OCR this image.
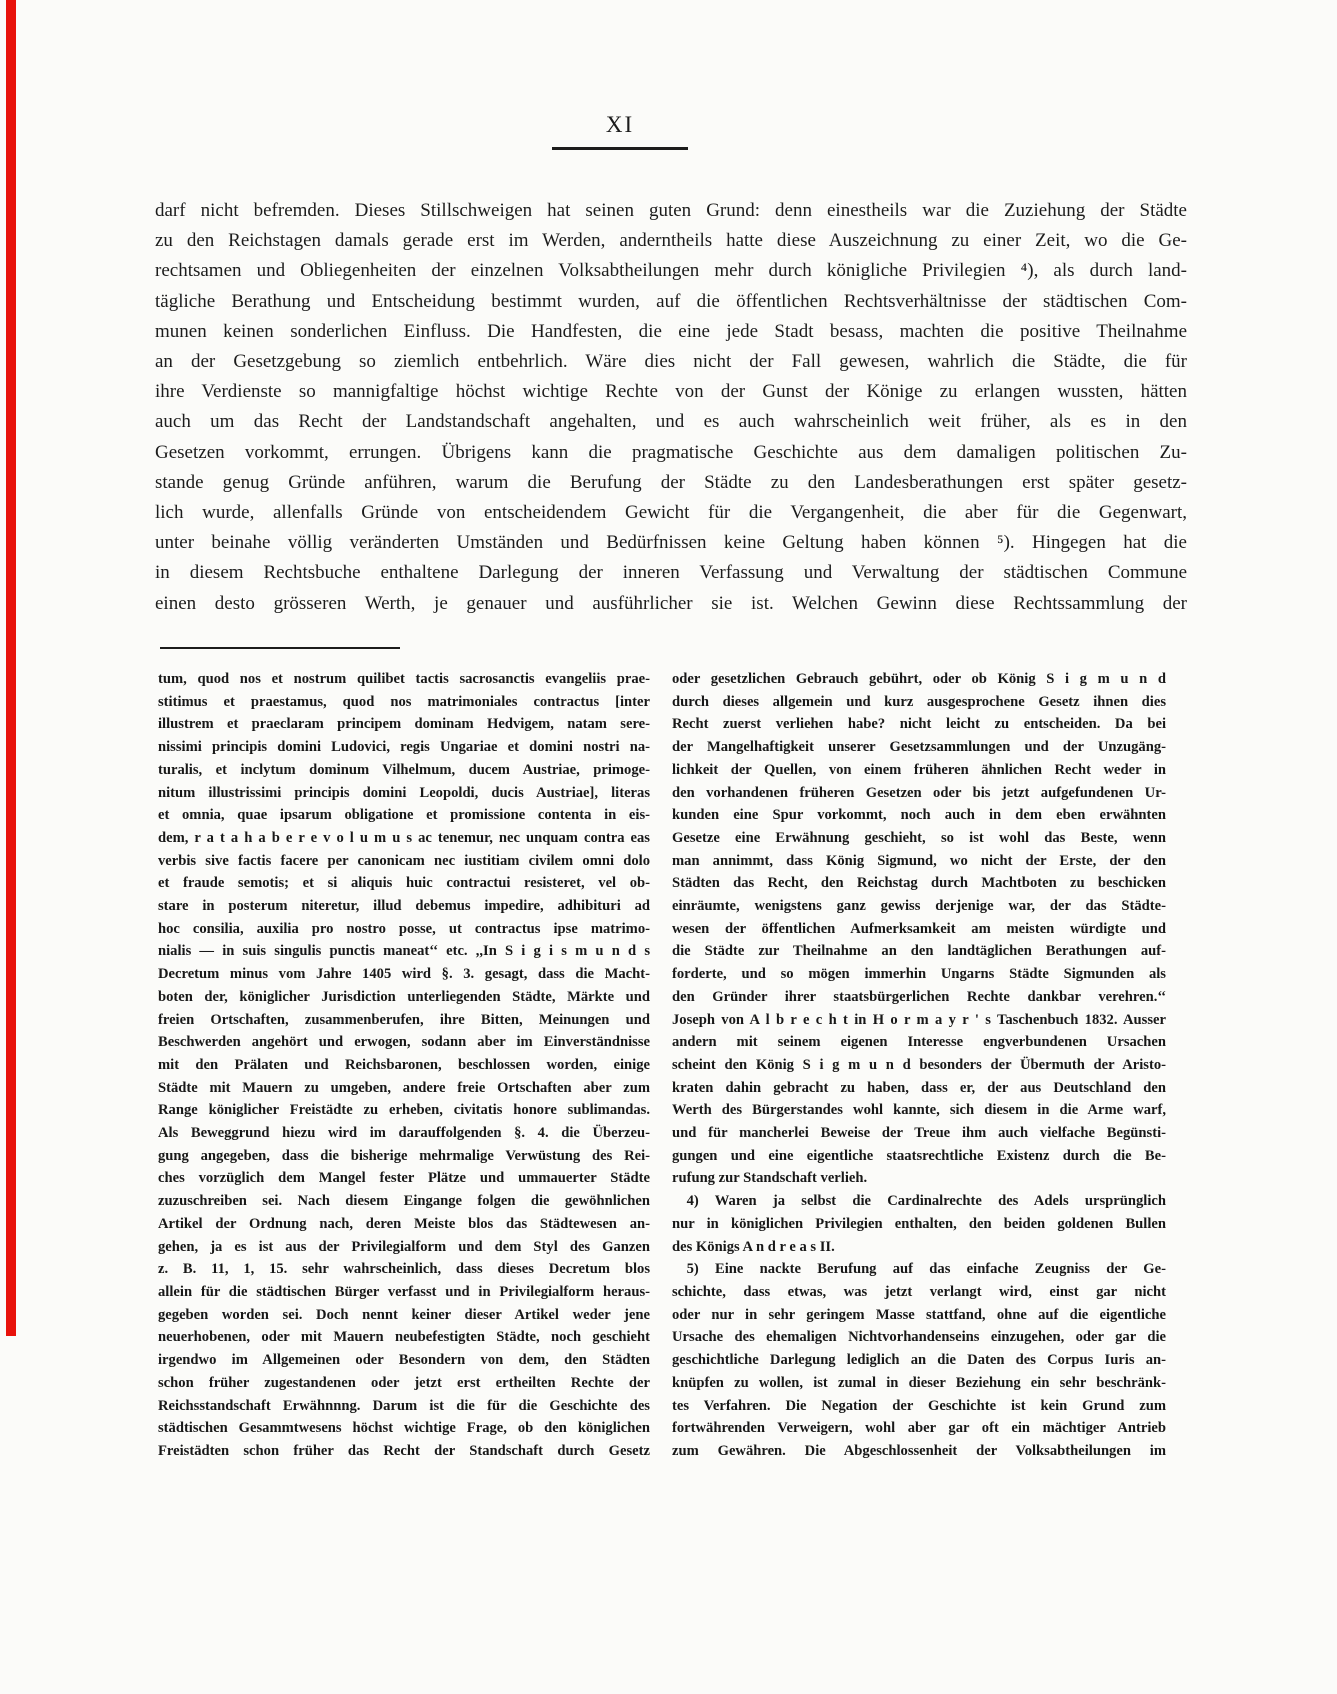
XI
darf nicht befremden. Dieses Stillschweigen hat seinen guten Grund: denn einestheils war die Zuziehung der Städte
zu den Reichstagen damals gerade erst im Werden, anderntheils hatte diese Auszeichnung zu einer Zeit, wo die Ge-
rechtsamen und Obliegenheiten der einzelnen Volksabtheilungen mehr durch königliche Privilegien ⁴), als durch land-
tägliche Berathung und Entscheidung bestimmt wurden, auf die öffentlichen Rechtsverhältnisse der städtischen Com-
munen keinen sonderlichen Einfluss. Die Handfesten, die eine jede Stadt besass, machten die positive Theilnahme
an der Gesetzgebung so ziemlich entbehrlich. Wäre dies nicht der Fall gewesen, wahrlich die Städte, die für
ihre Verdienste so mannigfaltige höchst wichtige Rechte von der Gunst der Könige zu erlangen wussten, hätten
auch um das Recht der Landstandschaft angehalten, und es auch wahrscheinlich weit früher, als es in den
Gesetzen vorkommt, errungen. Übrigens kann die pragmatische Geschichte aus dem damaligen politischen Zu-
stande genug Gründe anführen, warum die Berufung der Städte zu den Landesberathungen erst später gesetz-
lich wurde, allenfalls Gründe von entscheidendem Gewicht für die Vergangenheit, die aber für die Gegenwart,
unter beinahe völlig veränderten Umständen und Bedürfnissen keine Geltung haben können ⁵). Hingegen hat die
in diesem Rechtsbuche enthaltene Darlegung der inneren Verfassung und Verwaltung der städtischen Commune
einen desto grösseren Werth, je genauer und ausführlicher sie ist. Welchen Gewinn diese Rechtssammlung der
tum, quod nos et nostrum quilibet tactis sacrosanctis evangeliis prae-
stitimus et praestamus, quod nos matrimoniales contractus [inter
illustrem et praeclaram principem dominam Hedvigem, natam sere-
nissimi principis domini Ludovici, regis Ungariae et domini nostri na-
turalis, et inclytum dominum Vilhelmum, ducem Austriae, primoge-
nitum illustrissimi principis domini Leopoldi, ducis Austriae], literas
et omnia, quae ipsarum obligatione et promissione contenta in eis-
dem, r a t a h a b e r e v o l u m u s ac tenemur, nec unquam contra eas
verbis sive factis facere per canonicam nec iustitiam civilem omni dolo
et fraude semotis; et si aliquis huic contractui resisteret, vel ob-
stare in posterum niteretur, illud debemus impedire, adhibituri ad
hoc consilia, auxilia pro nostro posse, ut contractus ipse matrimo-
nialis — in suis singulis punctis maneat‘‘ etc. ,,In S i g i s m u n d s
Decretum minus vom Jahre 1405 wird §. 3. gesagt, dass die Macht-
boten der, königlicher Jurisdiction unterliegenden Städte, Märkte und
freien Ortschaften, zusammenberufen, ihre Bitten, Meinungen und
Beschwerden angehört und erwogen, sodann aber im Einverständnisse
mit den Prälaten und Reichsbaronen, beschlossen worden, einige
Städte mit Mauern zu umgeben, andere freie Ortschaften aber zum
Range königlicher Freistädte zu erheben, civitatis honore sublimandas.
Als Beweggrund hiezu wird im darauffolgenden §. 4. die Überzeu-
gung angegeben, dass die bisherige mehrmalige Verwüstung des Rei-
ches vorzüglich dem Mangel fester Plätze und ummauerter Städte
zuzuschreiben sei. Nach diesem Eingange folgen die gewöhnlichen
Artikel der Ordnung nach, deren Meiste blos das Städtewesen an-
gehen, ja es ist aus der Privilegialform und dem Styl des Ganzen
z. B. 11, 1, 15. sehr wahrscheinlich, dass dieses Decretum blos
allein für die städtischen Bürger verfasst und in Privilegialform heraus-
gegeben worden sei. Doch nennt keiner dieser Artikel weder jene
neuerhobenen, oder mit Mauern neubefestigten Städte, noch geschieht
irgendwo im Allgemeinen oder Besondern von dem, den Städten
schon früher zugestandenen oder jetzt erst ertheilten Rechte der
Reichsstandschaft Erwähnnng. Darum ist die für die Geschichte des
städtischen Gesammtwesens höchst wichtige Frage, ob den königlichen
Freistädten schon früher das Recht der Standschaft durch Gesetz
oder gesetzlichen Gebrauch gebührt, oder ob König S i g m u n d
durch dieses allgemein und kurz ausgesprochene Gesetz ihnen dies
Recht zuerst verliehen habe? nicht leicht zu entscheiden. Da bei
der Mangelhaftigkeit unserer Gesetzsammlungen und der Unzugäng-
lichkeit der Quellen, von einem früheren ähnlichen Recht weder in
den vorhandenen früheren Gesetzen oder bis jetzt aufgefundenen Ur-
kunden eine Spur vorkommt, noch auch in dem eben erwähnten
Gesetze eine Erwähnung geschieht, so ist wohl das Beste, wenn
man annimmt, dass König Sigmund, wo nicht der Erste, der den
Städten das Recht, den Reichstag durch Machtboten zu beschicken
einräumte, wenigstens ganz gewiss derjenige war, der das Städte-
wesen der öffentlichen Aufmerksamkeit am meisten würdigte und
die Städte zur Theilnahme an den landtäglichen Berathungen auf-
forderte, und so mögen immerhin Ungarns Städte Sigmunden als
den Gründer ihrer staatsbürgerlichen Rechte dankbar verehren.‘‘
Joseph von A l b r e c h t in H o r m a y r ' s Taschenbuch 1832. Ausser
andern mit seinem eigenen Interesse engverbundenen Ursachen
scheint den König S i g m u n d besonders der Übermuth der Aristo-
kraten dahin gebracht zu haben, dass er, der aus Deutschland den
Werth des Bürgerstandes wohl kannte, sich diesem in die Arme warf,
und für mancherlei Beweise der Treue ihm auch vielfache Begünsti-
gungen und eine eigentliche staatsrechtliche Existenz durch die Be-
rufung zur Standschaft verlieh.
 4) Waren ja selbst die Cardinalrechte des Adels ursprünglich
nur in königlichen Privilegien enthalten, den beiden goldenen Bullen
des Königs A n d r e a s II.
 5) Eine nackte Berufung auf das einfache Zeugniss der Ge-
schichte, dass etwas, was jetzt verlangt wird, einst gar nicht
oder nur in sehr geringem Masse stattfand, ohne auf die eigentliche
Ursache des ehemaligen Nichtvorhandenseins einzugehen, oder gar die
geschichtliche Darlegung lediglich an die Daten des Corpus Iuris an-
knüpfen zu wollen, ist zumal in dieser Beziehung ein sehr beschränk-
tes Verfahren. Die Negation der Geschichte ist kein Grund zum
fortwährenden Verweigern, wohl aber gar oft ein mächtiger Antrieb
zum Gewähren. Die Abgeschlossenheit der Volksabtheilungen im
